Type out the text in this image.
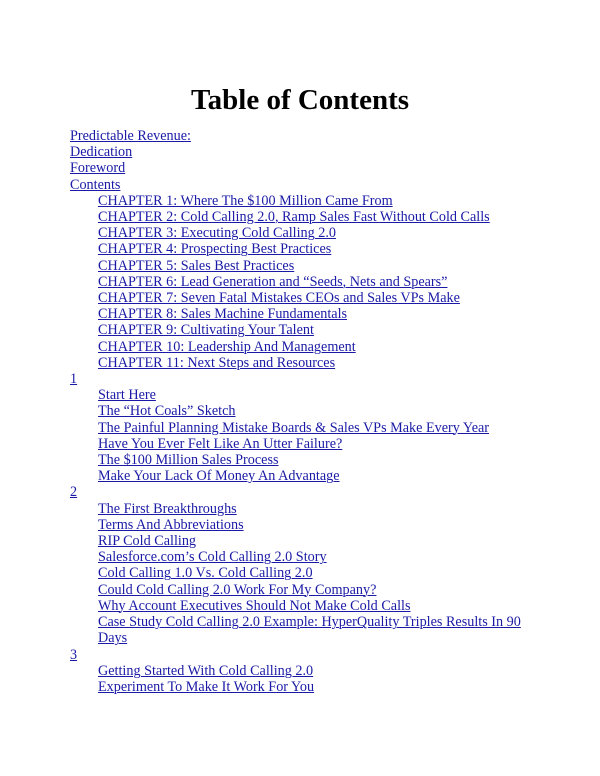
Table of Contents
Predictable Revenue:
Dedication
Foreword
Contents
CHAPTER 1: Where The $100 Million Came From
CHAPTER 2: Cold Calling 2.0, Ramp Sales Fast Without Cold Calls
CHAPTER 3: Executing Cold Calling 2.0
CHAPTER 4: Prospecting Best Practices
CHAPTER 5: Sales Best Practices
CHAPTER 6: Lead Generation and “Seeds, Nets and Spears”
CHAPTER 7: Seven Fatal Mistakes CEOs and Sales VPs Make
CHAPTER 8: Sales Machine Fundamentals
CHAPTER 9: Cultivating Your Talent
CHAPTER 10: Leadership And Management
CHAPTER 11: Next Steps and Resources
1
Start Here
The “Hot Coals” Sketch
The Painful Planning Mistake Boards & Sales VPs Make Every Year
Have You Ever Felt Like An Utter Failure?
The $100 Million Sales Process
Make Your Lack Of Money An Advantage
2
The First Breakthroughs
Terms And Abbreviations
RIP Cold Calling
Salesforce.com’s Cold Calling 2.0 Story
Cold Calling 1.0 Vs. Cold Calling 2.0
Could Cold Calling 2.0 Work For My Company?
Why Account Executives Should Not Make Cold Calls
Case Study Cold Calling 2.0 Example: HyperQuality Triples Results In 90 Days
3
Getting Started With Cold Calling 2.0
Experiment To Make It Work For You
